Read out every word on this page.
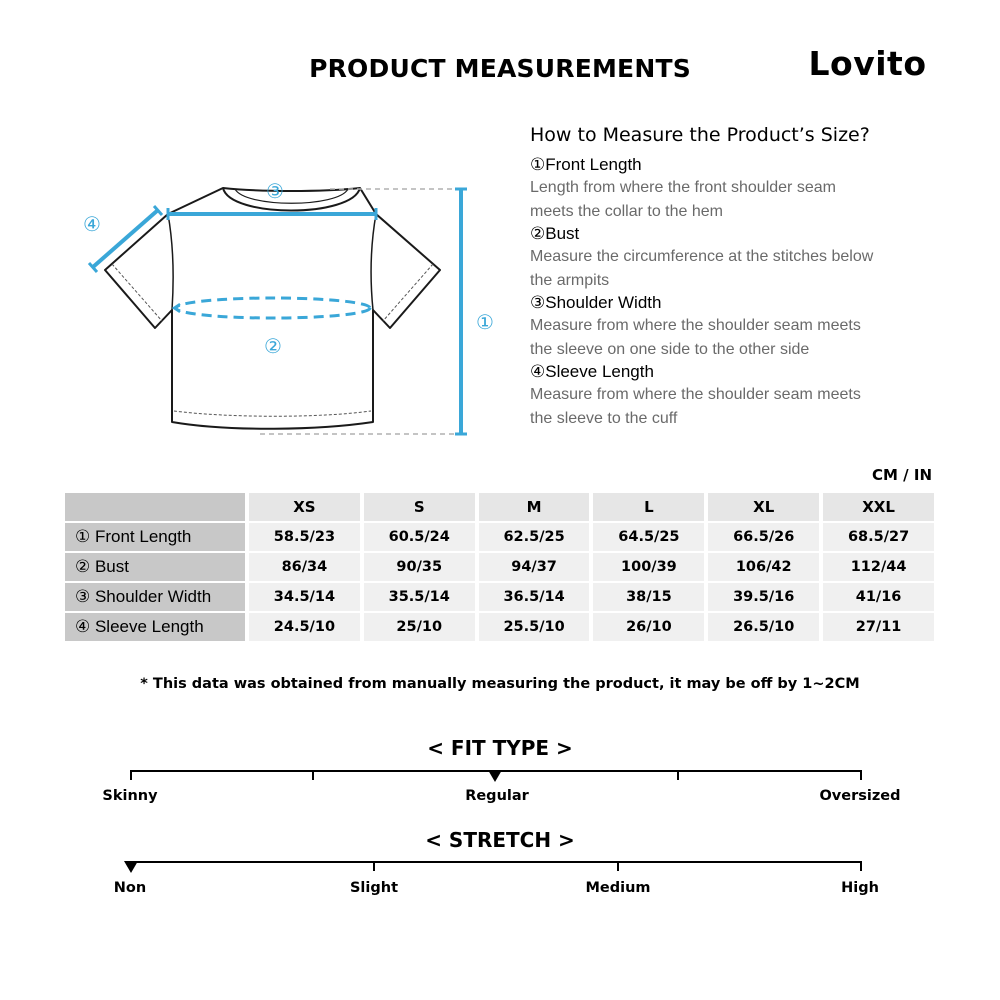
PRODUCT MEASUREMENTS	Lovito
③
②
①
④
How to Measure the Product’s Size?
①Front Length
Length from where the front shoulder seam
meets the collar to the hem
②Bust
Measure the circumference at the stitches below
the armpits
③Shoulder Width
Measure from where the shoulder seam meets
the sleeve on one side to the other side
④Sleeve Length
Measure from where the shoulder seam meets
the sleeve to the cuff
CM / IN
	XS	S	M	L	XL	XXL
① Front Length	58.5/23	60.5/24	62.5/25	64.5/25	66.5/26	68.5/27
② Bust	86/34	90/35	94/37	100/39	106/42	112/44
③ Shoulder Width	34.5/14	35.5/14	36.5/14	38/15	39.5/16	41/16
④ Sleeve Length	24.5/10	25/10	25.5/10	26/10	26.5/10	27/11
* This data was obtained from manually measuring the product, it may be off by 1~2CM
< FIT TYPE >
Skinny	Regular	Oversized
< STRETCH >
Non	Slight	Medium	High
